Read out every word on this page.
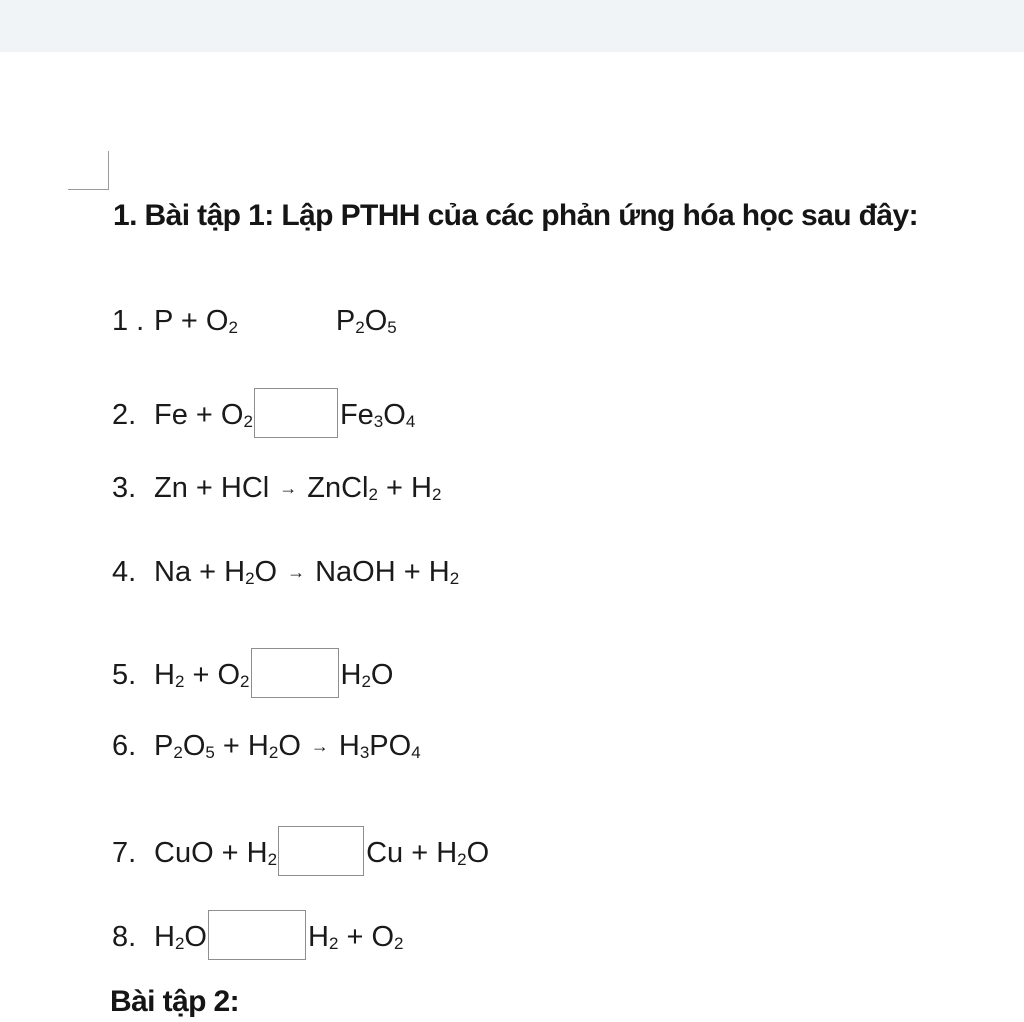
1. Bài tập 1: Lập PTHH của các phản ứng hóa học sau đây:
1 . $P + O_2$	$P_2O_5$
2. $Fe + O_2$	$Fe_3O_4$
3. Zn + HCl → ZnCl$_2$ + $H_2$
4. $Na + H_2O$ → NaOH + $H_2$
5. $H_2 + O_2$	$H_2O$
6. $P_2O_5 + H_2O \to H_3PO_4$
7. CuO + $H_2$	$Cu + H_2O$
8. $H_2O$	$H_2 + O_2$
Bài tập 2:
